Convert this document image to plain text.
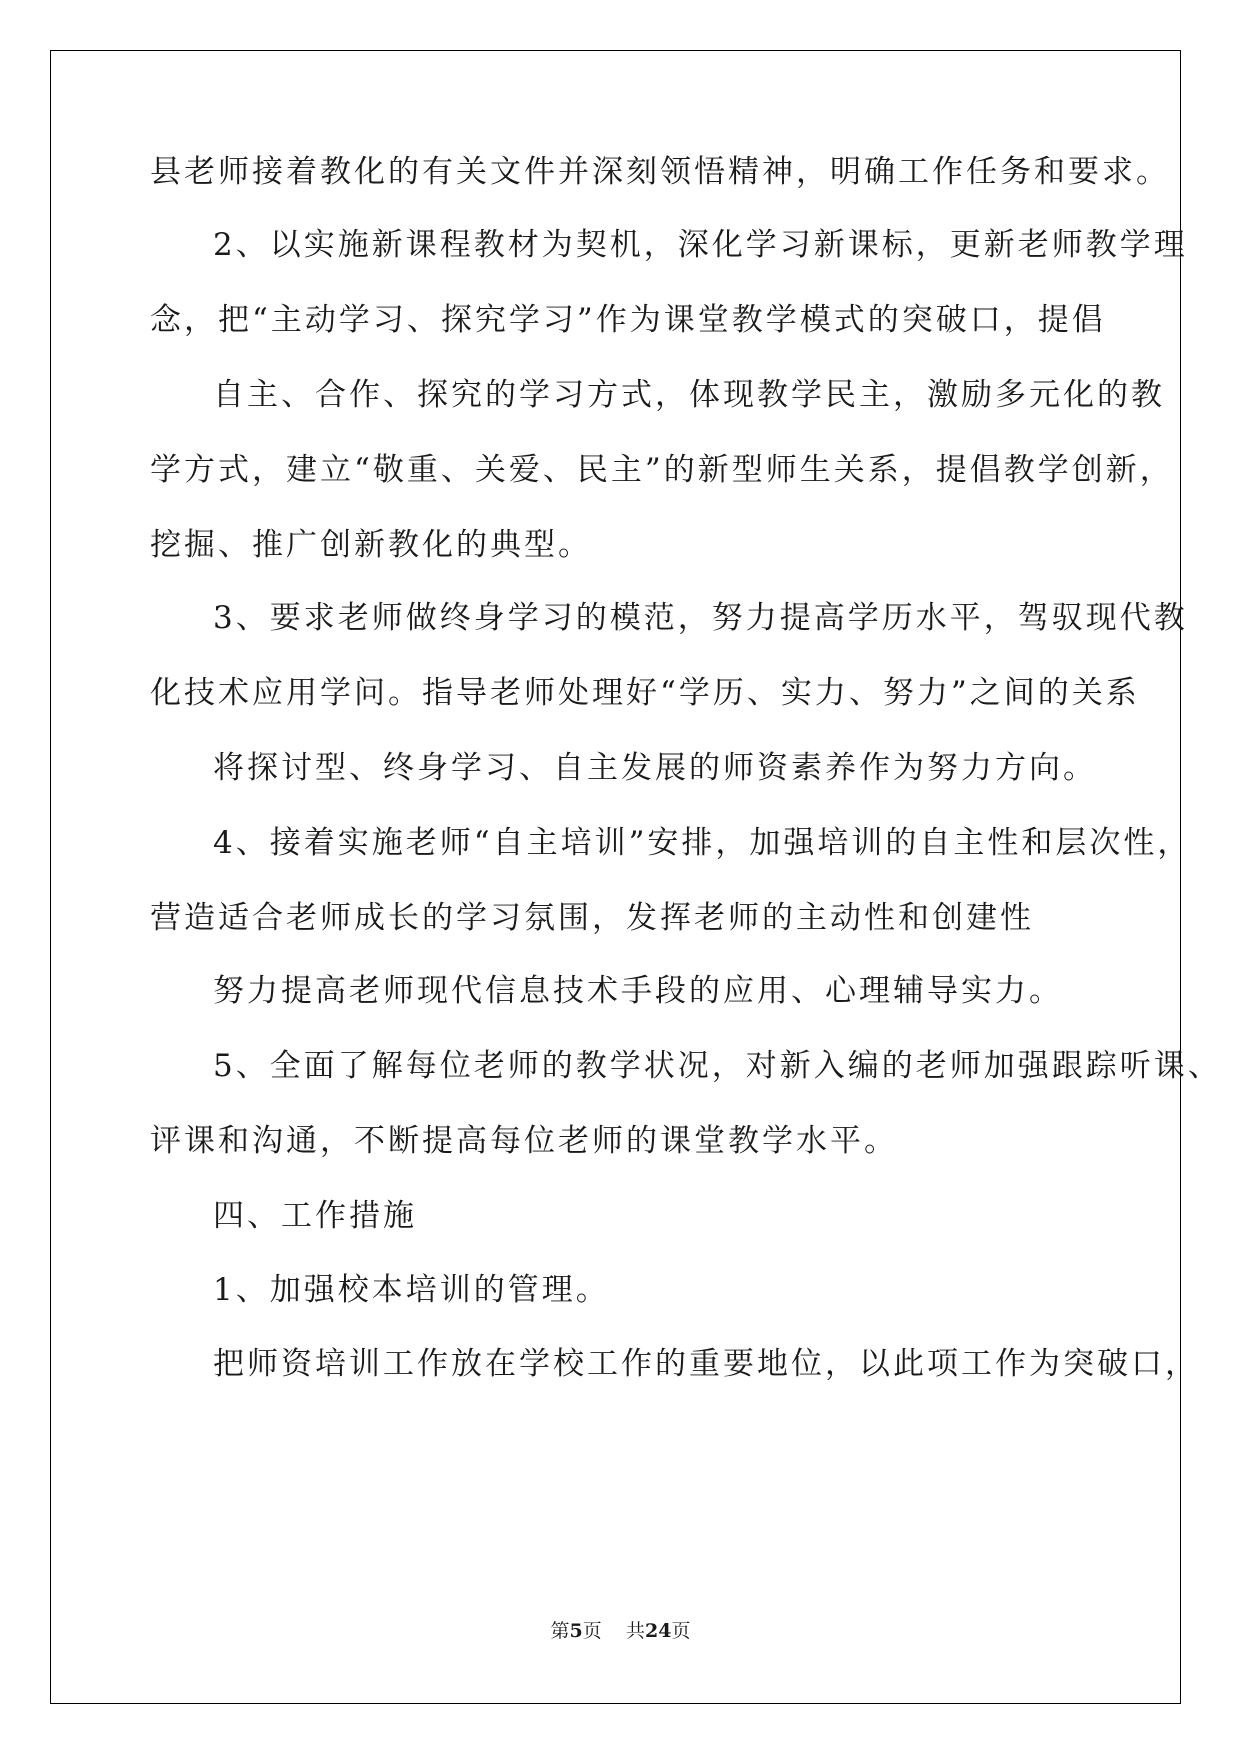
县老师接着教化的有关文件并深刻领悟精神，明确工作任务和要求。
2、以实施新课程教材为契机，深化学习新课标，更新老师教学理
念，把“主动学习、探究学习”作为课堂教学模式的突破口，提倡
自主、合作、探究的学习方式，体现教学民主，激励多元化的教
学方式，建立“敬重、关爱、民主”的新型师生关系，提倡教学创新，
挖掘、推广创新教化的典型。
3、要求老师做终身学习的模范，努力提高学历水平，驾驭现代教
化技术应用学问。指导老师处理好“学历、实力、努力”之间的关系
将探讨型、终身学习、自主发展的师资素养作为努力方向。
4、接着实施老师“自主培训”安排，加强培训的自主性和层次性，
营造适合老师成长的学习氛围，发挥老师的主动性和创建性
努力提高老师现代信息技术手段的应用、心理辅导实力。
5、全面了解每位老师的教学状况，对新入编的老师加强跟踪听课、
评课和沟通，不断提高每位老师的课堂教学水平。
四、工作措施
1、加强校本培训的管理。
把师资培训工作放在学校工作的重要地位，以此项工作为突破口，
第5页 共24页
